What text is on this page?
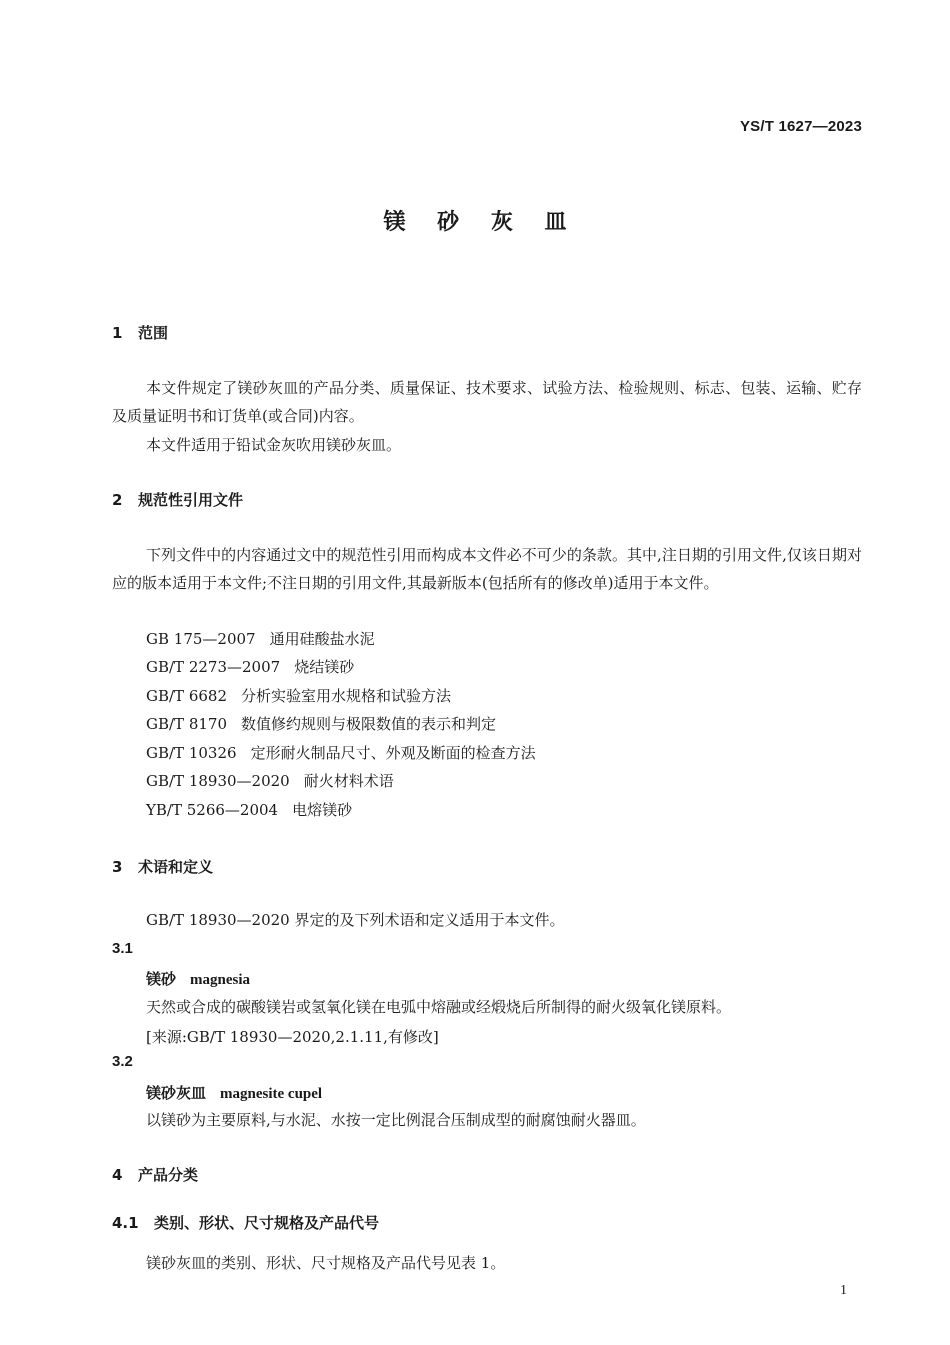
YS/T 1627—2023
镁 砂 灰 皿
1 范围
本文件规定了镁砂灰皿的产品分类、质量保证、技术要求、试验方法、检验规则、标志、包装、运输、贮存及质量证明书和订货单(或合同)内容。
本文件适用于铅试金灰吹用镁砂灰皿。
2 规范性引用文件
下列文件中的内容通过文中的规范性引用而构成本文件必不可少的条款。其中,注日期的引用文件,仅该日期对应的版本适用于本文件;不注日期的引用文件,其最新版本(包括所有的修改单)适用于本文件。
GB 175—2007 通用硅酸盐水泥
GB/T 2273—2007 烧结镁砂
GB/T 6682 分析实验室用水规格和试验方法
GB/T 8170 数值修约规则与极限数值的表示和判定
GB/T 10326 定形耐火制品尺寸、外观及断面的检查方法
GB/T 18930—2020 耐火材料术语
YB/T 5266—2004 电熔镁砂
3 术语和定义
GB/T 18930—2020 界定的及下列术语和定义适用于本文件。
3.1
镁砂 magnesia
天然或合成的碳酸镁岩或氢氧化镁在电弧中熔融或经煅烧后所制得的耐火级氧化镁原料。
[来源:GB/T 18930—2020,2.1.11,有修改]
3.2
镁砂灰皿 magnesite cupel
以镁砂为主要原料,与水泥、水按一定比例混合压制成型的耐腐蚀耐火器皿。
4 产品分类
4.1 类别、形状、尺寸规格及产品代号
镁砂灰皿的类别、形状、尺寸规格及产品代号见表 1。
1
